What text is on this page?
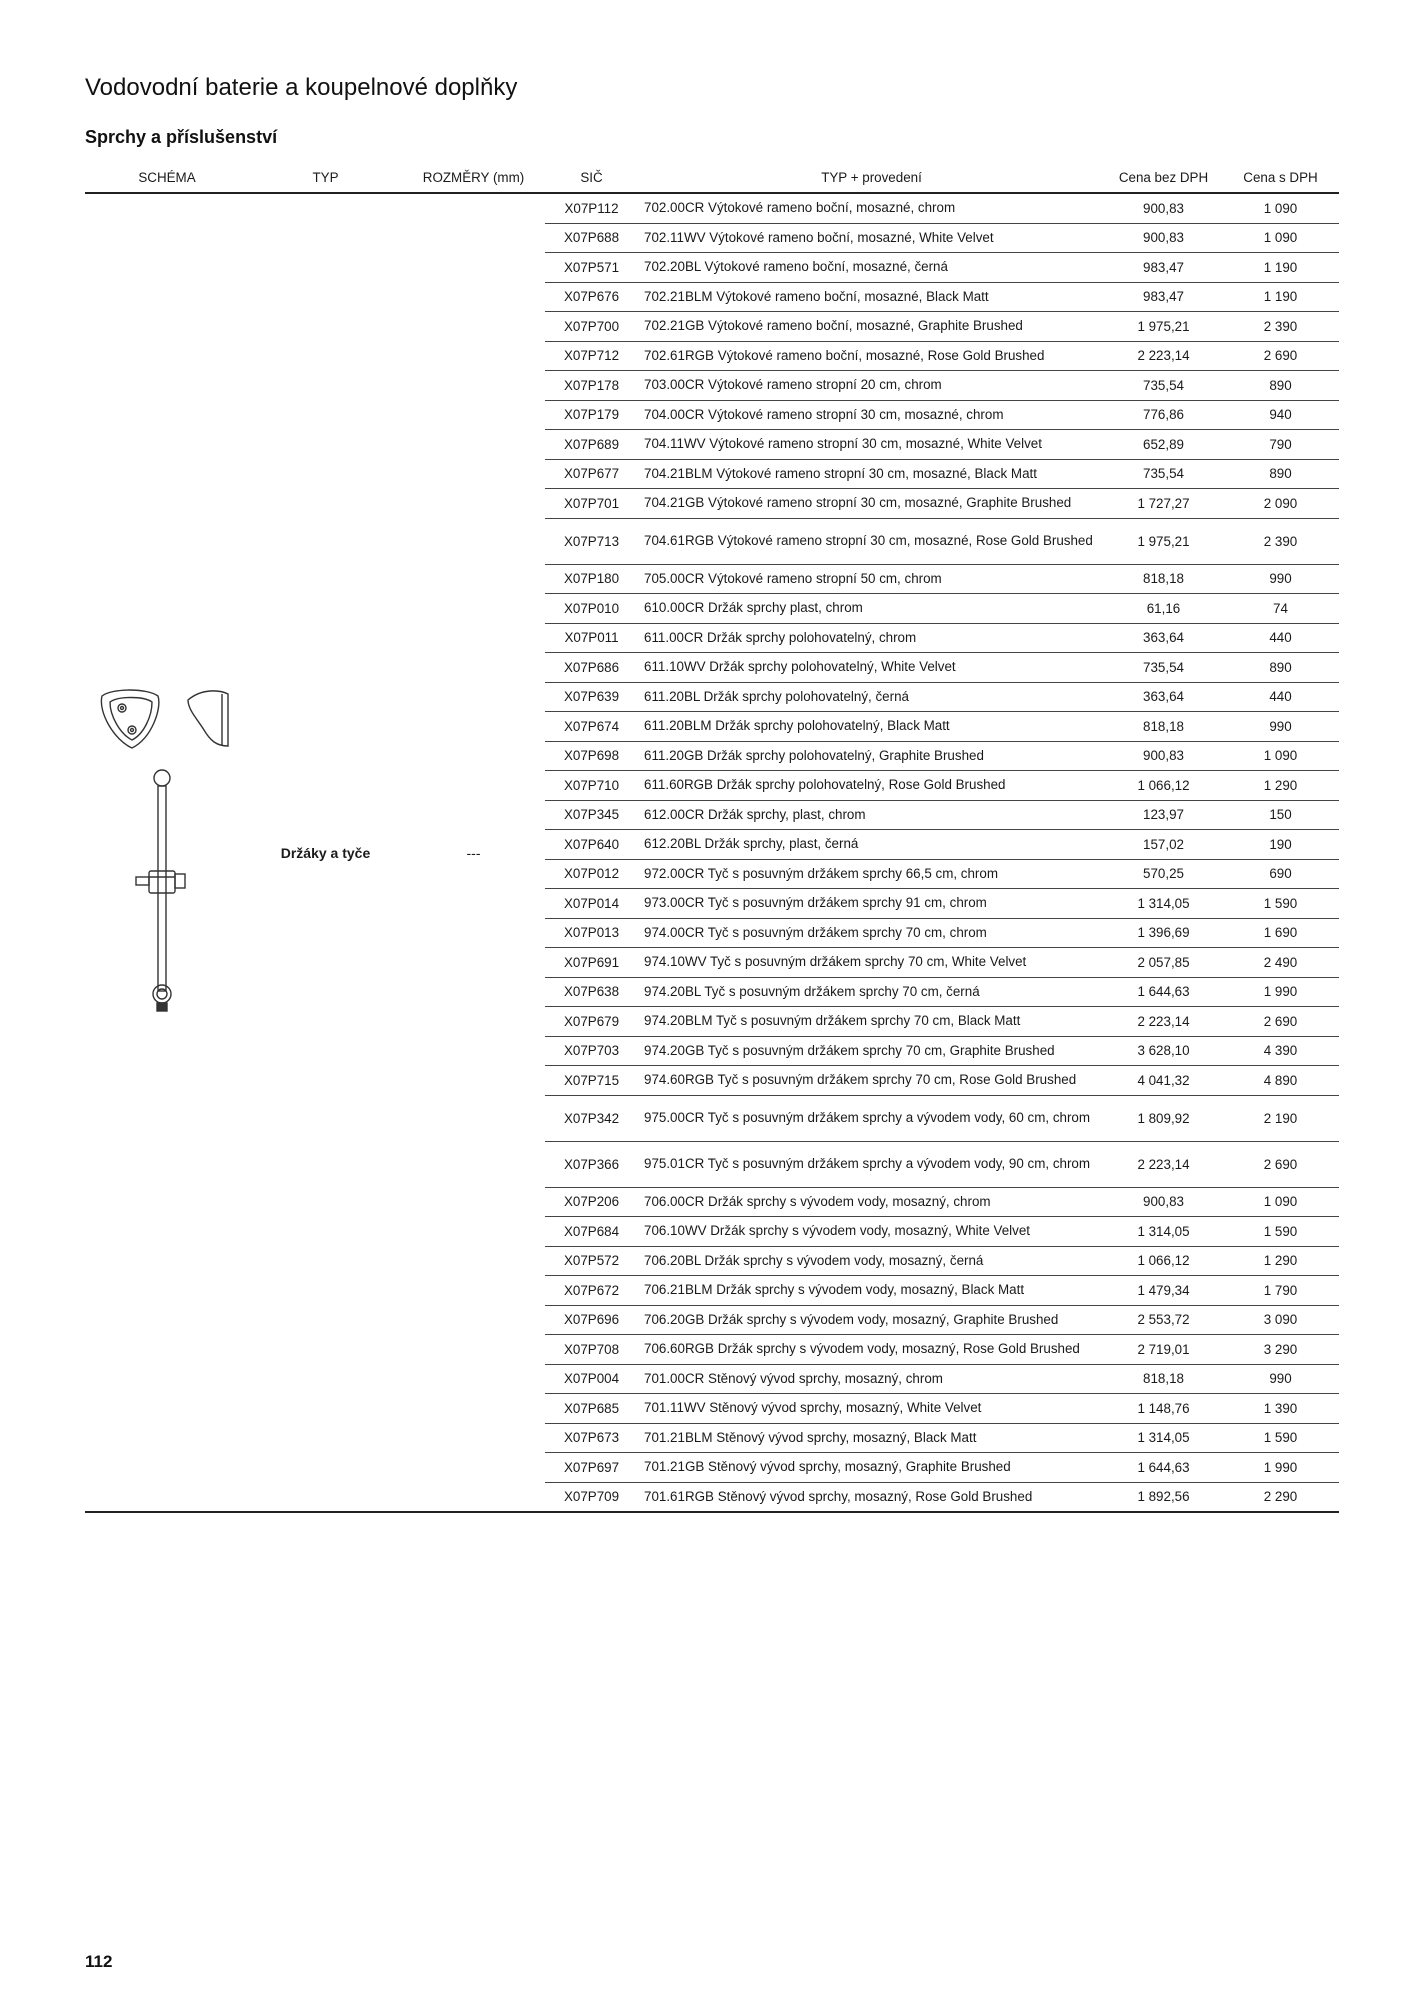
Vodovodní baterie a koupelnové doplňky
Sprchy a příslušenství
SCHÉMA	TYP	ROZMĚRY (mm)	SIČ	TYP + provedení	Cena bez DPH	Cena s DPH

	Držáky a tyče	---	X07P112	702.00CR Výtokové rameno boční, mosazné, chrom	900,83	1 090
			X07P688	702.11WV Výtokové rameno boční, mosazné, White Velvet	900,83	1 090
			X07P571	702.20BL Výtokové rameno boční, mosazné, černá	983,47	1 190
			X07P676	702.21BLM Výtokové rameno boční, mosazné, Black Matt	983,47	1 190
			X07P700	702.21GB Výtokové rameno boční, mosazné, Graphite Brushed	1 975,21	2 390
			X07P712	702.61RGB Výtokové rameno boční, mosazné, Rose Gold Brushed	2 223,14	2 690
			X07P178	703.00CR Výtokové rameno stropní 20 cm, chrom	735,54	890
			X07P179	704.00CR Výtokové rameno stropní 30 cm, mosazné, chrom	776,86	940
			X07P689	704.11WV Výtokové rameno stropní 30 cm, mosazné, White Velvet	652,89	790
			X07P677	704.21BLM Výtokové rameno stropní 30 cm, mosazné, Black Matt	735,54	890
			X07P701	704.21GB Výtokové rameno stropní 30 cm, mosazné, Graphite Brushed	1 727,27	2 090
			X07P713	704.61RGB Výtokové rameno stropní 30 cm, mosazné, Rose Gold Brushed	1 975,21	2 390
			X07P180	705.00CR Výtokové rameno stropní 50 cm, chrom	818,18	990
			X07P010	610.00CR Držák sprchy plast, chrom	61,16	74
			X07P011	611.00CR Držák sprchy polohovatelný, chrom	363,64	440
			X07P686	611.10WV Držák sprchy polohovatelný, White Velvet	735,54	890
			X07P639	611.20BL Držák sprchy polohovatelný, černá	363,64	440
			X07P674	611.20BLM Držák sprchy polohovatelný, Black Matt	818,18	990
			X07P698	611.20GB Držák sprchy polohovatelný, Graphite Brushed	900,83	1 090
			X07P710	611.60RGB Držák sprchy polohovatelný, Rose Gold Brushed	1 066,12	1 290
			X07P345	612.00CR Držák sprchy, plast, chrom	123,97	150
			X07P640	612.20BL Držák sprchy, plast, černá	157,02	190
			X07P012	972.00CR Tyč s posuvným držákem sprchy 66,5 cm, chrom	570,25	690
			X07P014	973.00CR Tyč s posuvným držákem sprchy 91 cm, chrom	1 314,05	1 590
			X07P013	974.00CR Tyč s posuvným držákem sprchy 70 cm, chrom	1 396,69	1 690
			X07P691	974.10WV Tyč s posuvným držákem sprchy 70 cm, White Velvet	2 057,85	2 490
			X07P638	974.20BL Tyč s posuvným držákem sprchy 70 cm, černá	1 644,63	1 990
			X07P679	974.20BLM Tyč s posuvným držákem sprchy 70 cm, Black Matt	2 223,14	2 690
			X07P703	974.20GB Tyč s posuvným držákem sprchy 70 cm, Graphite Brushed	3 628,10	4 390
			X07P715	974.60RGB Tyč s posuvným držákem sprchy 70 cm, Rose Gold Brushed	4 041,32	4 890
			X07P342	975.00CR Tyč s posuvným držákem sprchy a vývodem vody, 60 cm, chrom	1 809,92	2 190
			X07P366	975.01CR Tyč s posuvným držákem sprchy a vývodem vody, 90 cm, chrom	2 223,14	2 690
			X07P206	706.00CR Držák sprchy s vývodem vody, mosazný, chrom	900,83	1 090
			X07P684	706.10WV Držák sprchy s vývodem vody, mosazný, White Velvet	1 314,05	1 590
			X07P572	706.20BL Držák sprchy s vývodem vody, mosazný, černá	1 066,12	1 290
			X07P672	706.21BLM Držák sprchy s vývodem vody, mosazný, Black Matt	1 479,34	1 790
			X07P696	706.20GB Držák sprchy s vývodem vody, mosazný, Graphite Brushed	2 553,72	3 090
			X07P708	706.60RGB Držák sprchy s vývodem vody, mosazný, Rose Gold Brushed	2 719,01	3 290
			X07P004	701.00CR Stěnový vývod sprchy, mosazný, chrom	818,18	990
			X07P685	701.11WV Stěnový vývod sprchy, mosazný, White Velvet	1 148,76	1 390
			X07P673	701.21BLM Stěnový vývod sprchy, mosazný, Black Matt	1 314,05	1 590
			X07P697	701.21GB Stěnový vývod sprchy, mosazný, Graphite Brushed	1 644,63	1 990
			X07P709	701.61RGB Stěnový vývod sprchy, mosazný, Rose Gold Brushed	1 892,56	2 290
112
